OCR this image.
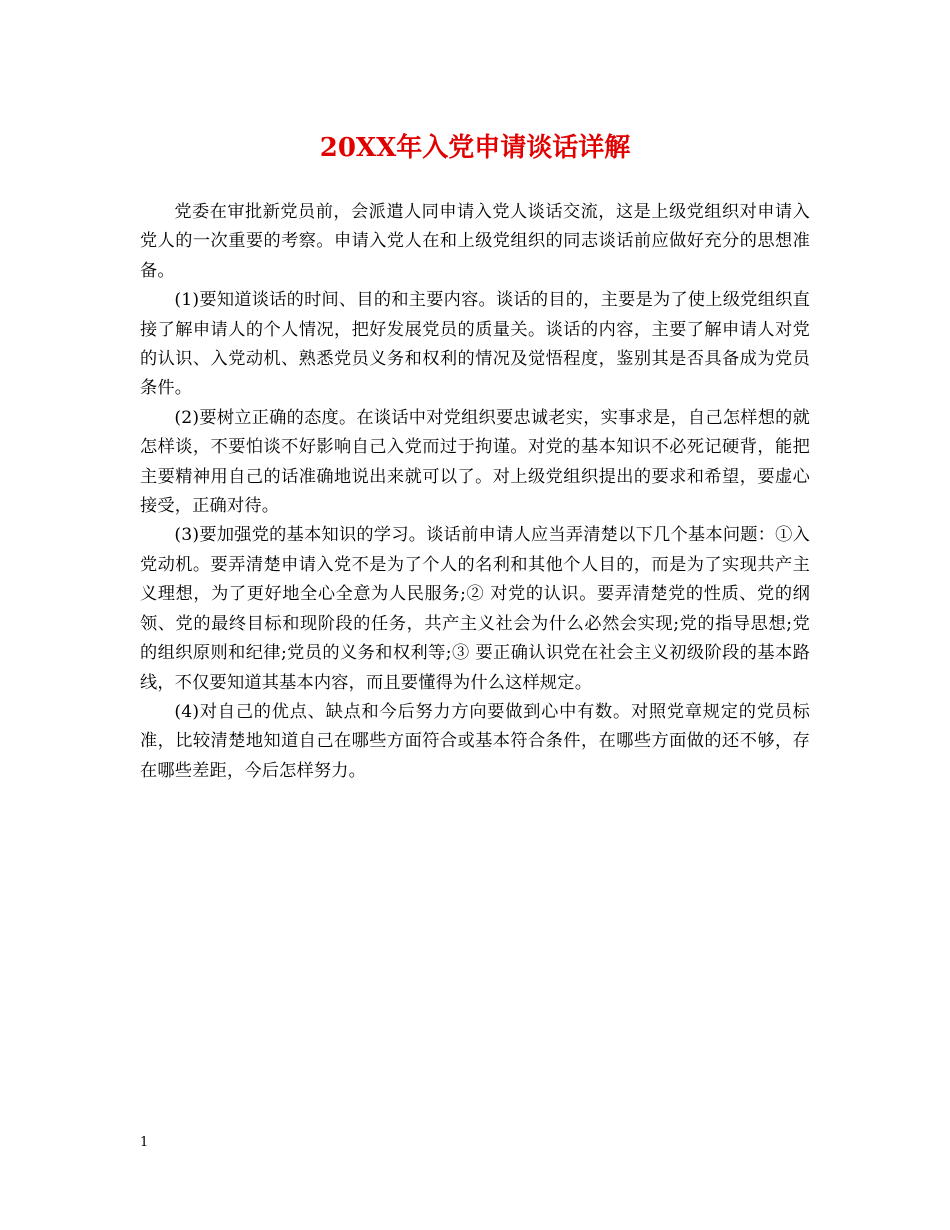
20XX年入党申请谈话详解

党委在审批新党员前，会派遣人同申请入党人谈话交流，这是上级党组织对申请入党人的一次重要的考察。申请入党人在和上级党组织的同志谈话前应做好充分的思想准备。

(1)要知道谈话的时间、目的和主要内容。谈话的目的，主要是为了使上级党组织直接了解申请人的个人情况，把好发展党员的质量关。谈话的内容，主要了解申请人对党的认识、入党动机、熟悉党员义务和权利的情况及觉悟程度，鉴别其是否具备成为党员条件。

(2)要树立正确的态度。在谈话中对党组织要忠诚老实，实事求是，自己怎样想的就怎样谈，不要怕谈不好影响自己入党而过于拘谨。对党的基本知识不必死记硬背，能把主要精神用自己的话准确地说出来就可以了。对上级党组织提出的要求和希望，要虚心接受，正确对待。

(3)要加强党的基本知识的学习。谈话前申请人应当弄清楚以下几个基本问题：①入党动机。要弄清楚申请入党不是为了个人的名利和其他个人目的，而是为了实现共产主义理想，为了更好地全心全意为人民服务;② 对党的认识。要弄清楚党的性质、党的纲领、党的最终目标和现阶段的任务，共产主义社会为什么必然会实现;党的指导思想;党的组织原则和纪律;党员的义务和权利等;③ 要正确认识党在社会主义初级阶段的基本路线，不仅要知道其基本内容，而且要懂得为什么这样规定。

(4)对自己的优点、缺点和今后努力方向要做到心中有数。对照党章规定的党员标准，比较清楚地知道自己在哪些方面符合或基本符合条件，在哪些方面做的还不够，存在哪些差距，今后怎样努力。

1
